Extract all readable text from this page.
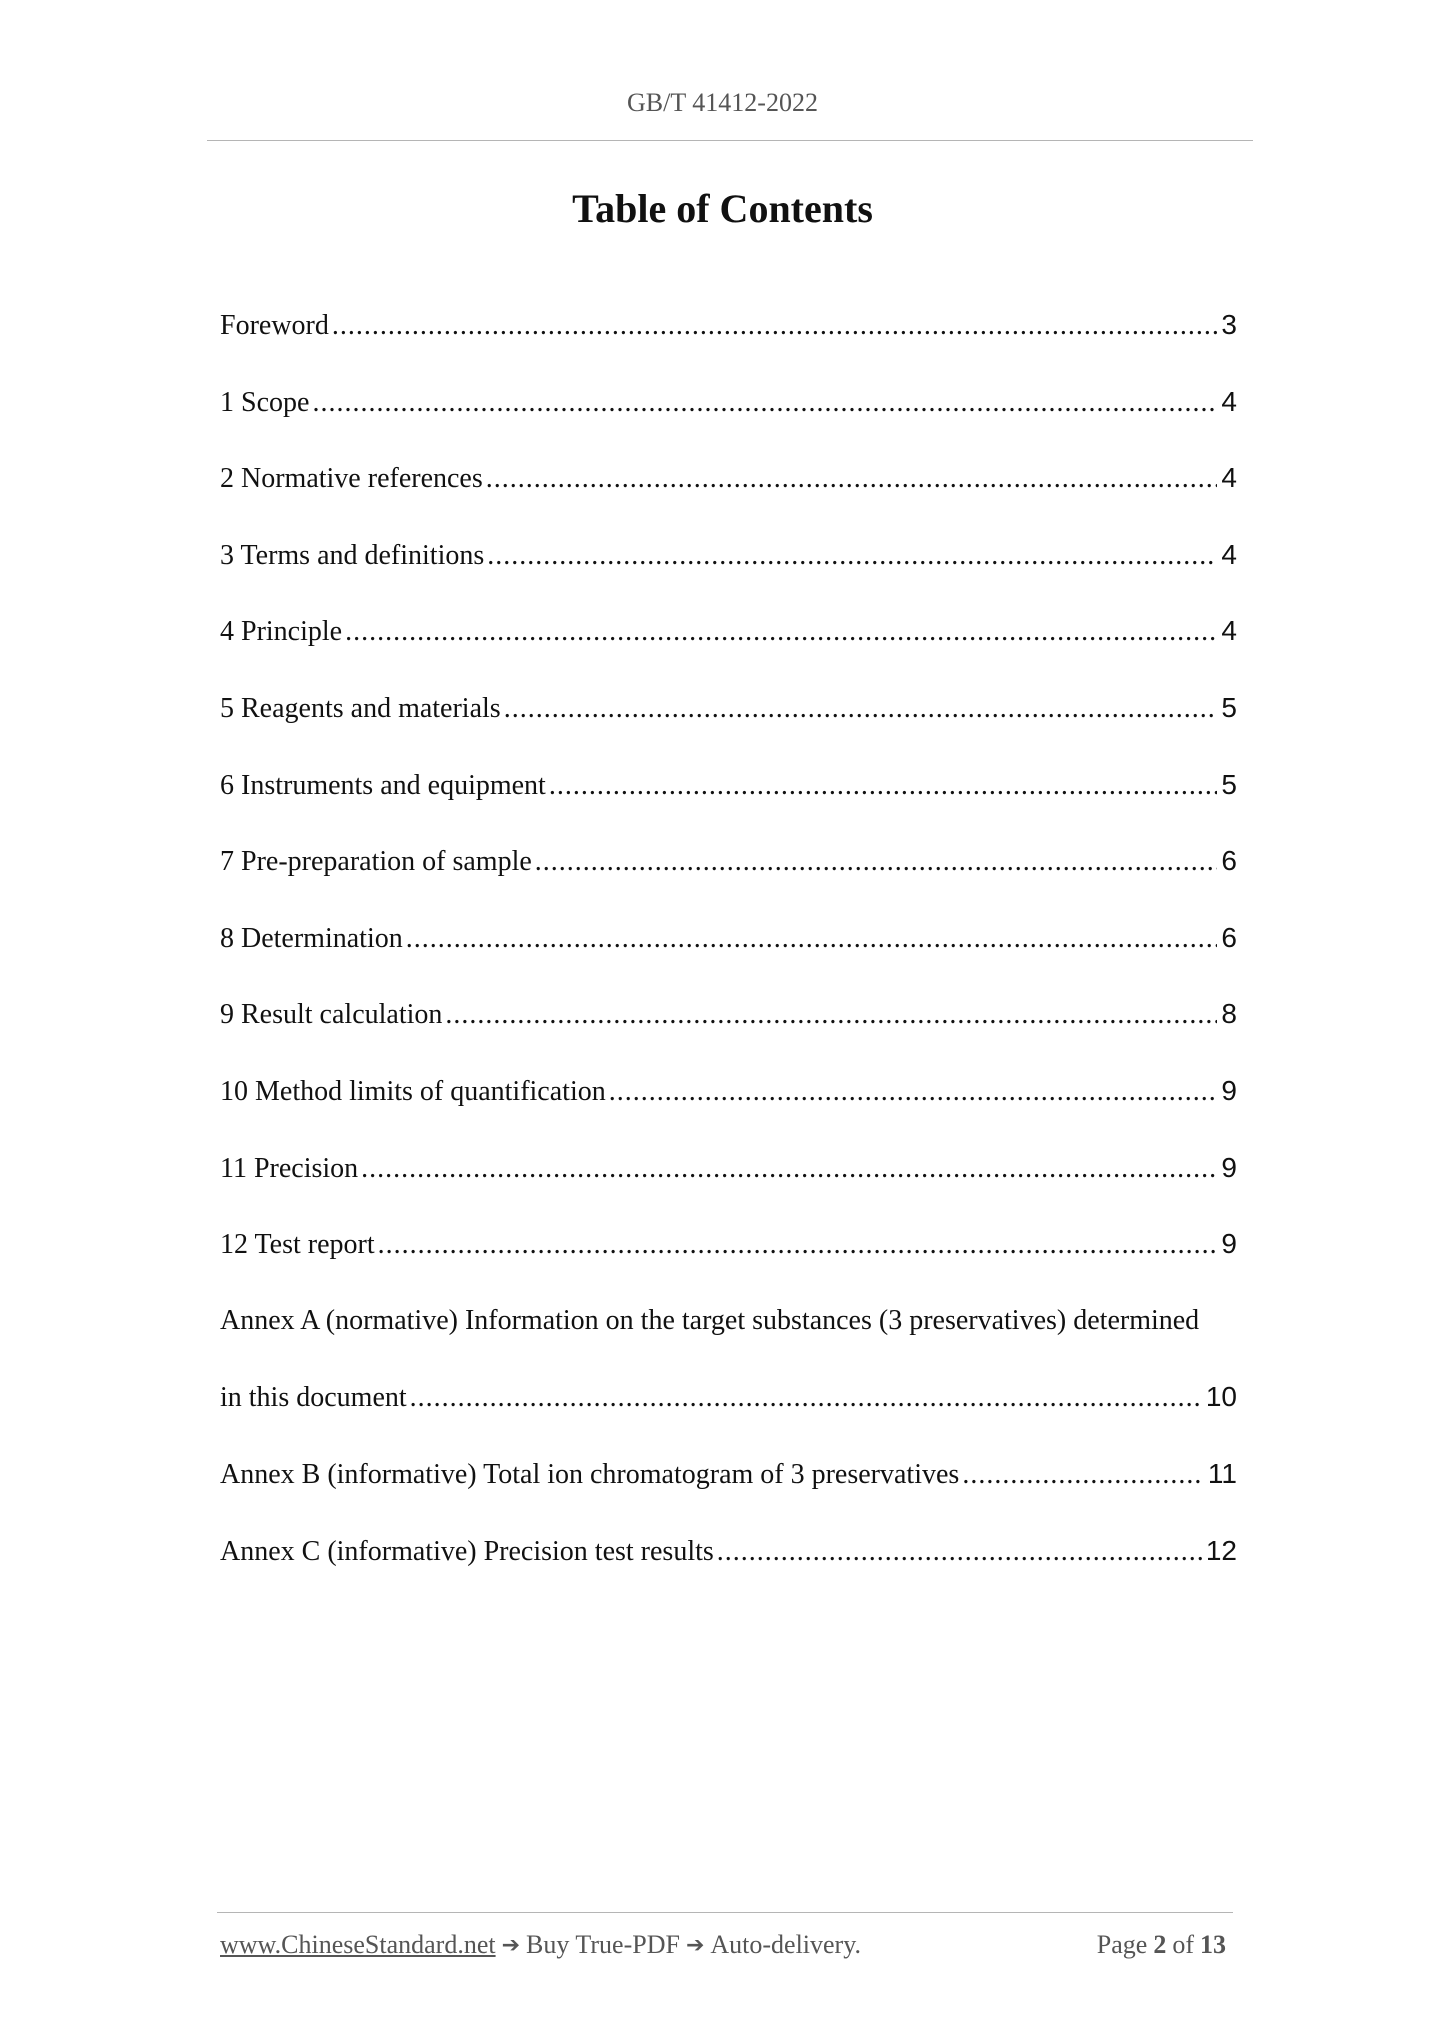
GB/T 41412-2022
Table of Contents
Foreword .....	3
1 Scope .....	4
2 Normative references .....	4
3 Terms and definitions .....	4
4 Principle .....	4
5 Reagents and materials .....	5
6 Instruments and equipment .....	5
7 Pre-preparation of sample .....	6
8 Determination .....	6
9 Result calculation .....	8
10 Method limits of quantification .....	9
11 Precision .....	9
12 Test report .....	9
Annex A (normative) Information on the target substances (3 preservatives) determined
in this document .....	10
Annex B (informative) Total ion chromatogram of 3 preservatives .....	11
Annex C (informative) Precision test results .....	12
www.ChineseStandard.net ➔ Buy True-PDF ➔ Auto-delivery.	Page 2 of 13
